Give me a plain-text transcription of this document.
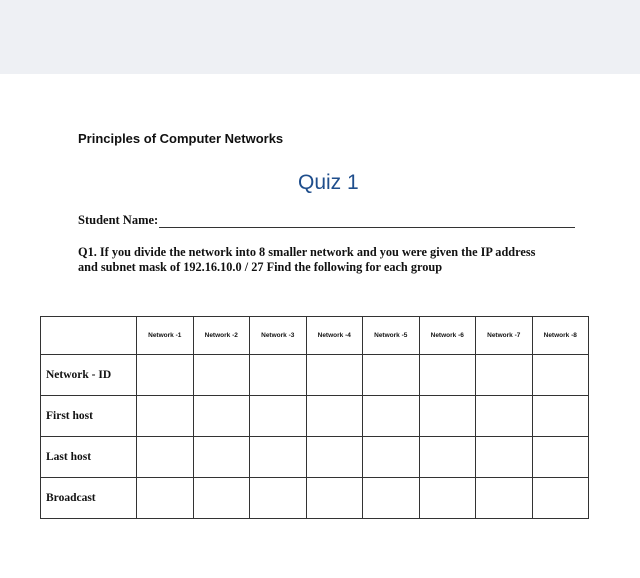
Principles of Computer Networks
Quiz 1
Student Name:
Q1. If you divide the network into 8 smaller network and you were given the IP address
and subnet mask of 192.16.10.0 / 27 Find the following for each group
	Network -1	Network -2	Network -3	Network -4	Network -5	Network -6	Network -7	Network -8
Network - ID								
First host								
Last host								
Broadcast								
